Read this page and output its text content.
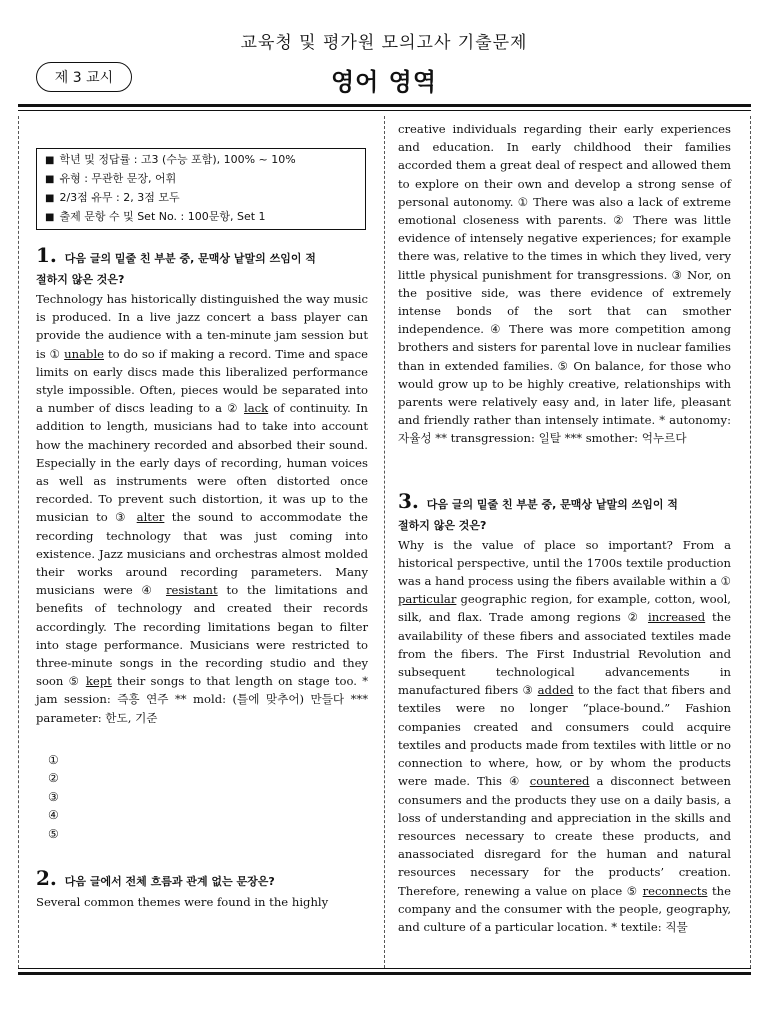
교육청 및 평가원 모의고사 기출문제
제 3 교시	영어 영역
■ 학년 및 정답률 : 고3 (수능 포함), 100% ~ 10%
■ 유형 : 무관한 문장, 어휘
■ 2/3점 유무 : 2, 3점 모두
■ 출제 문항 수 및 Set No. : 100문항, Set 1
1. 다음 글의 밑줄 친 부분 중, 문맥상 낱말의 쓰임이 적
절하지 않은 것은?

Technology has historically distinguished the way music is produced. In a live jazz concert a bass player can provide the audience with a ten-minute jam session but is ① unable to do so if making a record. Time and space limits on early discs made this liberalized performance style impossible. Often, pieces would be separated into a number of discs leading to a ② lack of continuity. In addition to length, musicians had to take into account how the machinery recorded and absorbed their sound. Especially in the early days of recording, human voices as well as instruments were often distorted once recorded. To prevent such distortion, it was up to the musician to ③ alter the sound to accommodate the recording technology that was just coming into existence. Jazz musicians and orchestras almost molded their works around recording parameters. Many musicians were ④ resistant to the limitations and benefits of technology and created their records accordingly. The recording limitations began to filter into stage performance. Musicians were restricted to three-minute songs in the recording studio and they soon ⑤ kept their songs to that length on stage too. * jam session: 즉흥 연주 ** mold: (틀에 맞추어) 만들다 *** parameter: 한도, 기준

①
②
③
④
⑤
2. 다음 글에서 전체 흐름과 관계 없는 문장은?

Several common themes were found in the highly

creative individuals regarding their early experiences and education. In early childhood their families accorded them a great deal of respect and allowed them to explore on their own and develop a strong sense of personal autonomy. ① There was also a lack of extreme emotional closeness with parents. ② There was little evidence of intensely negative experiences; for example there was, relative to the times in which they lived, very little physical punishment for transgressions. ③ Nor, on the positive side, was there evidence of extremely intense bonds of the sort that can smother independence. ④ There was more competition among brothers and sisters for parental love in nuclear families than in extended families. ⑤ On balance, for those who would grow up to be highly creative, relationships with parents were relatively easy and, in later life, pleasant and friendly rather than intensely intimate. * autonomy: 자율성 ** transgression: 일탈 *** smother: 억누르다

3. 다음 글의 밑줄 친 부분 중, 문맥상 낱말의 쓰임이 적
절하지 않은 것은?

Why is the value of place so important? From a historical perspective, until the 1700s textile production was a hand process using the fibers available within a ① particular geographic region, for example, cotton, wool, silk, and flax. Trade among regions ② increased the availability of these fibers and associated textiles made from the fibers. The First Industrial Revolution and subsequent technological advancements in manufactured fibers ③ added to the fact that fibers and textiles were no longer “place-bound.” Fashion companies created and consumers could acquire textiles and products made from textiles with little or no connection to where, how, or by whom the products were made. This ④ countered a disconnect between consumers and the products they use on a daily basis, a loss of understanding and appreciation in the skills and resources necessary to create these products, and anassociated disregard for the human and natural resources necessary for the products’ creation. Therefore, renewing a value on place ⑤ reconnects the company and the consumer with the people, geography, and culture of a particular location. * textile: 직물
